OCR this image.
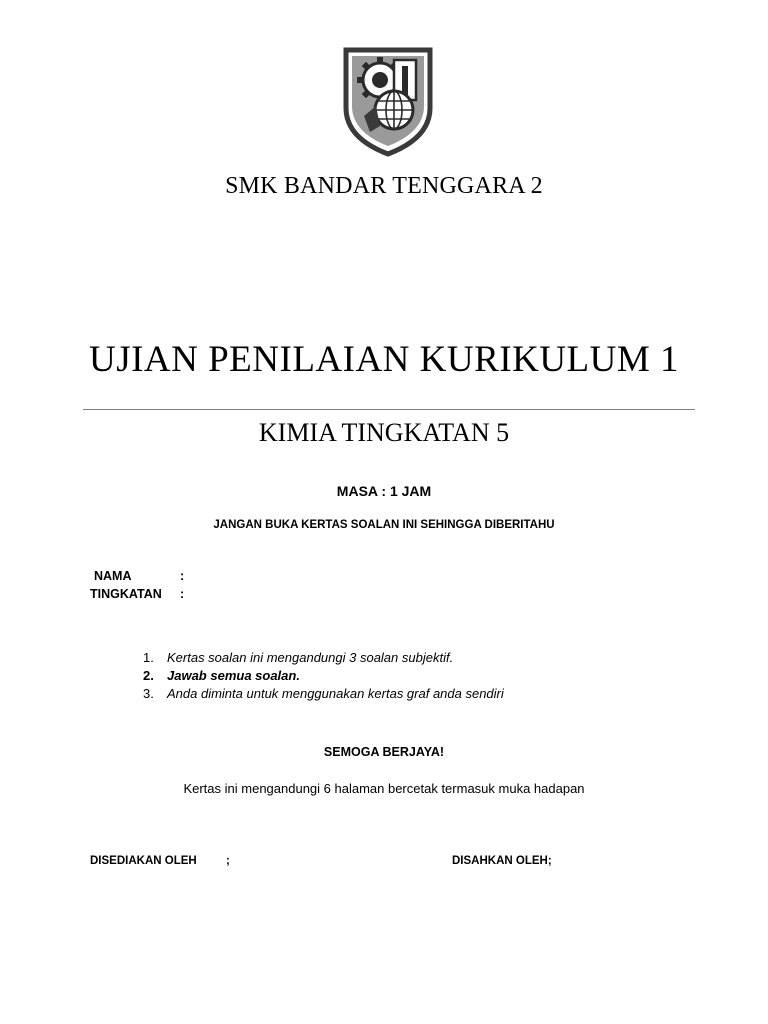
SMK BANDAR TENGGARA 2
UJIAN PENILAIAN KURIKULUM 1
KIMIA TINGKATAN 5
MASA : 1 JAM
JANGAN BUKA KERTAS SOALAN INI SEHINGGA DIBERITAHU
NAMA	:
TINGKATAN :
1. Kertas soalan ini mengandungi 3 soalan subjektif.
2. Jawab semua soalan.
3. Anda diminta untuk menggunakan kertas graf anda sendiri
SEMOGA BERJAYA!
Kertas ini mengandungi 6 halaman bercetak termasuk muka hadapan
DISEDIAKAN OLEH	;	DISAHKAN OLEH;
